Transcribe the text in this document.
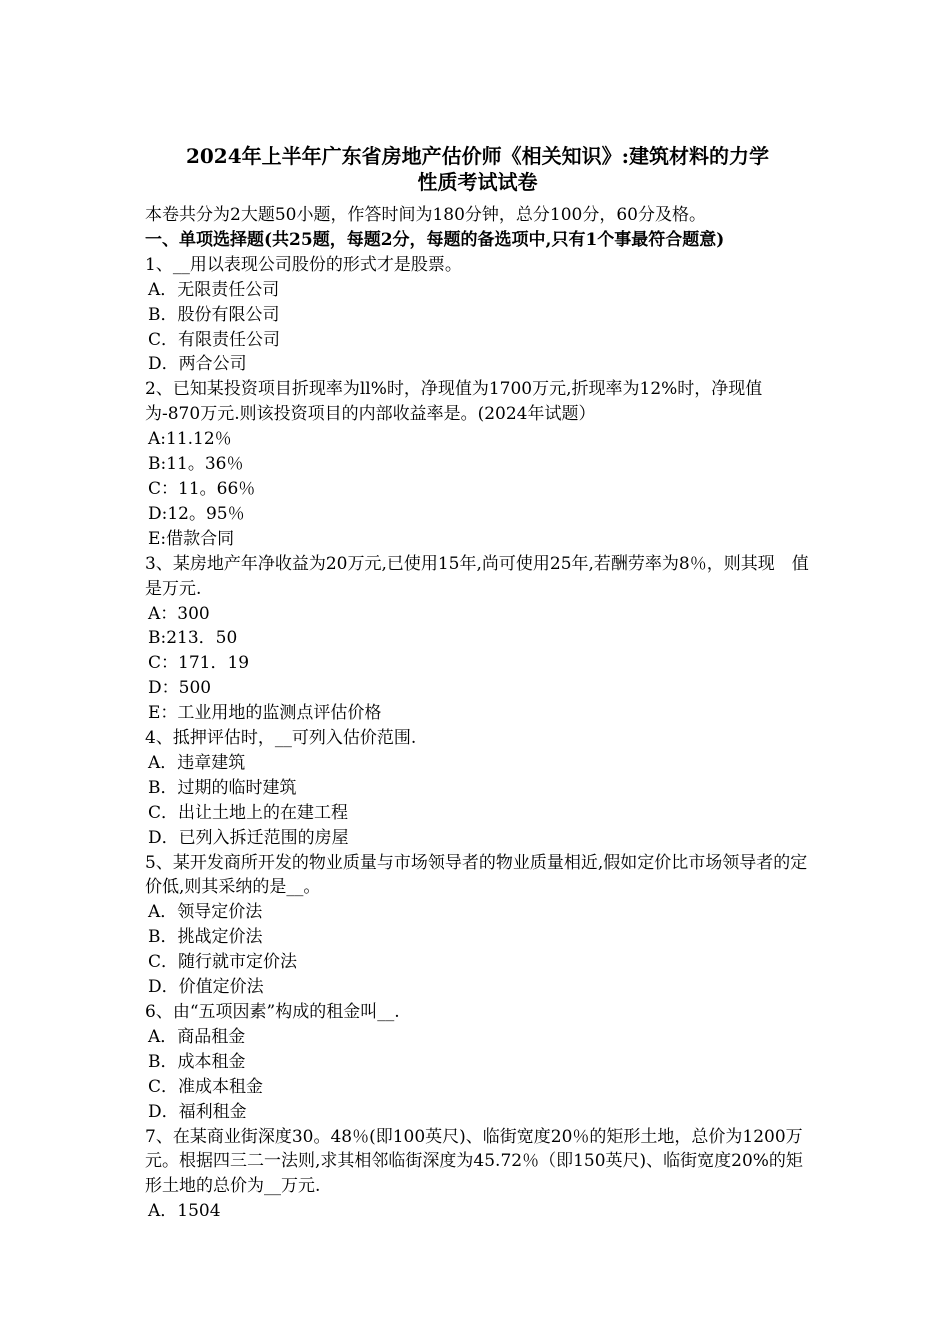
2024年上半年广东省房地产估价师《相关知识》:建筑材料的力学
性质考试试卷
本卷共分为2大题50小题，作答时间为180分钟，总分100分，60分及格。
一、单项选择题(共25题，每题2分，每题的备选项中,只有1个事最符合题意)
1、__用以表现公司股份的形式才是股票。
A．无限责任公司
B．股份有限公司
C．有限责任公司
D．两合公司
2、已知某投资项目折现率为ll%时，净现值为1700万元,折现率为12%时，净现值为-870万元.则该投资项目的内部收益率是。(2024年试题）
A:11.12％
B:11。36％
C：11。66％
D:12。95％
E:借款合同
3、某房地产年净收益为20万元,已使用15年,尚可使用25年,若酬劳率为8％，则其现　值是万元.
A：300
B:213．50
C：171．19
D：500
E：工业用地的监测点评估价格
4、抵押评估时，__可列入估价范围.
A．违章建筑
B．过期的临时建筑
C．出让土地上的在建工程
D．已列入拆迁范围的房屋
5、某开发商所开发的物业质量与市场领导者的物业质量相近,假如定价比市场领导者的定价低,则其采纳的是__。
A．领导定价法
B．挑战定价法
C．随行就市定价法
D．价值定价法
6、由“五项因素”构成的租金叫__.
A．商品租金
B．成本租金
C．准成本租金
D．福利租金
7、在某商业街深度30。48％(即100英尺)、临街宽度20％的矩形土地，总价为1200万元。根据四三二一法则,求其相邻临街深度为45.72％（即150英尺)、临街宽度20%的矩形土地的总价为__万元.
A．1504
